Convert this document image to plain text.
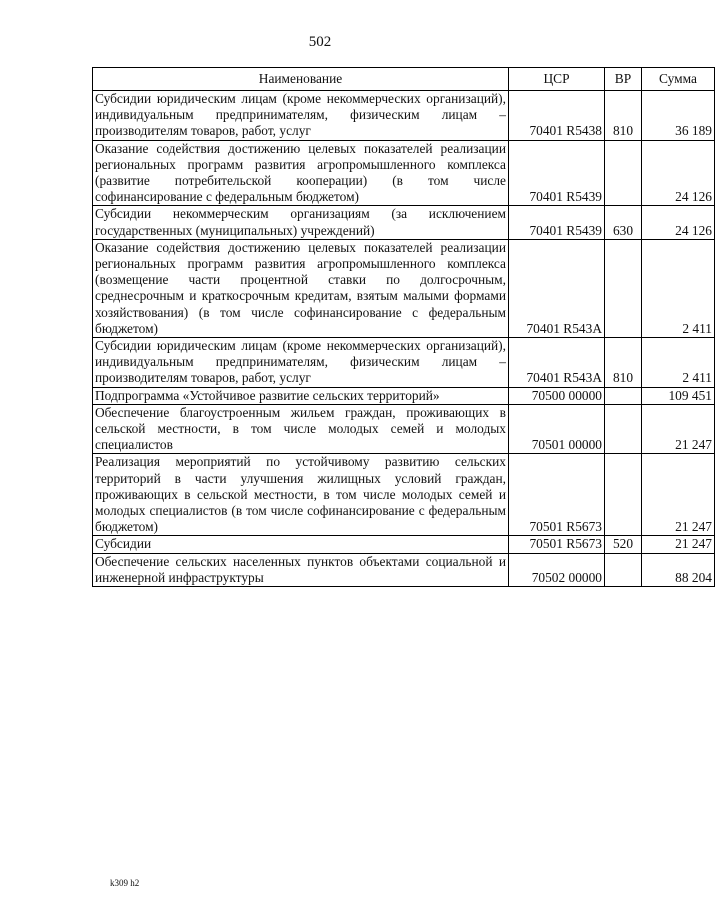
502
Наименование	ЦСР	ВР	Сумма
Субсидии юридическим лицам (кроме некоммерческих организаций), индивидуальным предпринимателям, физическим лицам – производителям товаров, работ, услуг	70401 R5438	810	36 189
Оказание содействия достижению целевых показателей реализации региональных программ развития агропромышленного комплекса (развитие потребительской кооперации) (в том числе софинансирование с федеральным бюджетом)	70401 R5439		24 126
Субсидии некоммерческим организациям (за исключением государственных (муниципальных) учреждений)	70401 R5439	630	24 126
Оказание содействия достижению целевых показателей реализации региональных программ развития агропромышленного комплекса (возмещение части процентной ставки по долгосрочным, среднесрочным и краткосрочным кредитам, взятым малыми формами хозяйствования) (в том числе софинансирование с федеральным бюджетом)	70401 R543A		2 411
Субсидии юридическим лицам (кроме некоммерческих организаций), индивидуальным предпринимателям, физическим лицам – производителям товаров, работ, услуг	70401 R543A	810	2 411
Подпрограмма «Устойчивое развитие сельских территорий»	70500 00000		109 451
Обеспечение благоустроенным жильем граждан, проживающих в сельской местности, в том числе молодых семей и молодых специалистов	70501 00000		21 247
Реализация мероприятий по устойчивому развитию сельских территорий в части улучшения жилищных условий граждан, проживающих в сельской местности, в том числе молодых семей и молодых специалистов (в том числе софинансирование с федеральным бюджетом)	70501 R5673		21 247
Субсидии	70501 R5673	520	21 247
Обеспечение сельских населенных пунктов объектами социальной и инженерной инфраструктуры	70502 00000		88 204
k309 h2
